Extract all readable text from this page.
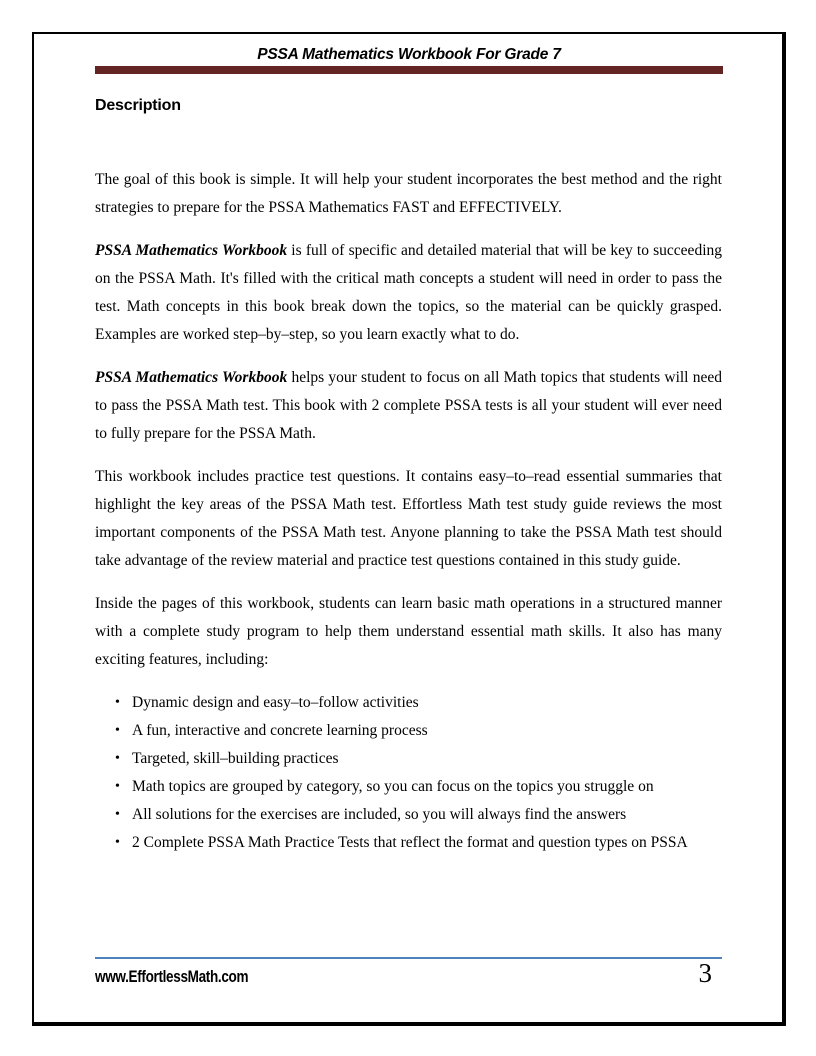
PSSA Mathematics Workbook For Grade 7
Description

The goal of this book is simple. It will help your student incorporates the best method and the right strategies to prepare for the PSSA Mathematics FAST and EFFECTIVELY.

PSSA Mathematics Workbook is full of specific and detailed material that will be key to succeeding on the PSSA Math. It's filled with the critical math concepts a student will need in order to pass the test. Math concepts in this book break down the topics, so the material can be quickly grasped. Examples are worked step–by–step, so you learn exactly what to do.

PSSA Mathematics Workbook helps your student to focus on all Math topics that students will need to pass the PSSA Math test. This book with 2 complete PSSA tests is all your student will ever need to fully prepare for the PSSA Math.

This workbook includes practice test questions. It contains easy–to–read essential summaries that highlight the key areas of the PSSA Math test. Effortless Math test study guide reviews the most important components of the PSSA Math test. Anyone planning to take the PSSA Math test should take advantage of the review material and practice test questions contained in this study guide.

Inside the pages of this workbook, students can learn basic math operations in a structured manner with a complete study program to help them understand essential math skills. It also has many exciting features, including:

• Dynamic design and easy–to–follow activities
• A fun, interactive and concrete learning process
• Targeted, skill–building practices
• Math topics are grouped by category, so you can focus on the topics you struggle on
• All solutions for the exercises are included, so you will always find the answers
• 2 Complete PSSA Math Practice Tests that reflect the format and question types on PSSA
www.EffortlessMath.com	3
